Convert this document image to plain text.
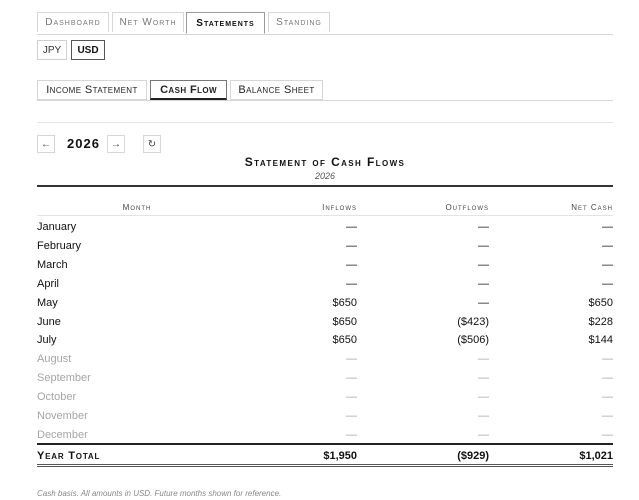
Dashboard	Net Worth	Statements	Standing
JPY	USD
Income Statement	Cash Flow	Balance Sheet
← 2026 →	↻
Statement of Cash Flows
2026
Month	Inflows	Outflows	Net Cash
January	—	—	—
February	—	—	—
March	—	—	—
April	—	—	—
May	$650	—	$650
June	$650	($423)	$228
July	$650	($506)	$144
August	—	—	—
September	—	—	—
October	—	—	—
November	—	—	—
December	—	—	—
Year Total	$1,950	($929)	$1,021
Cash basis. All amounts in USD. Future months shown for reference.
